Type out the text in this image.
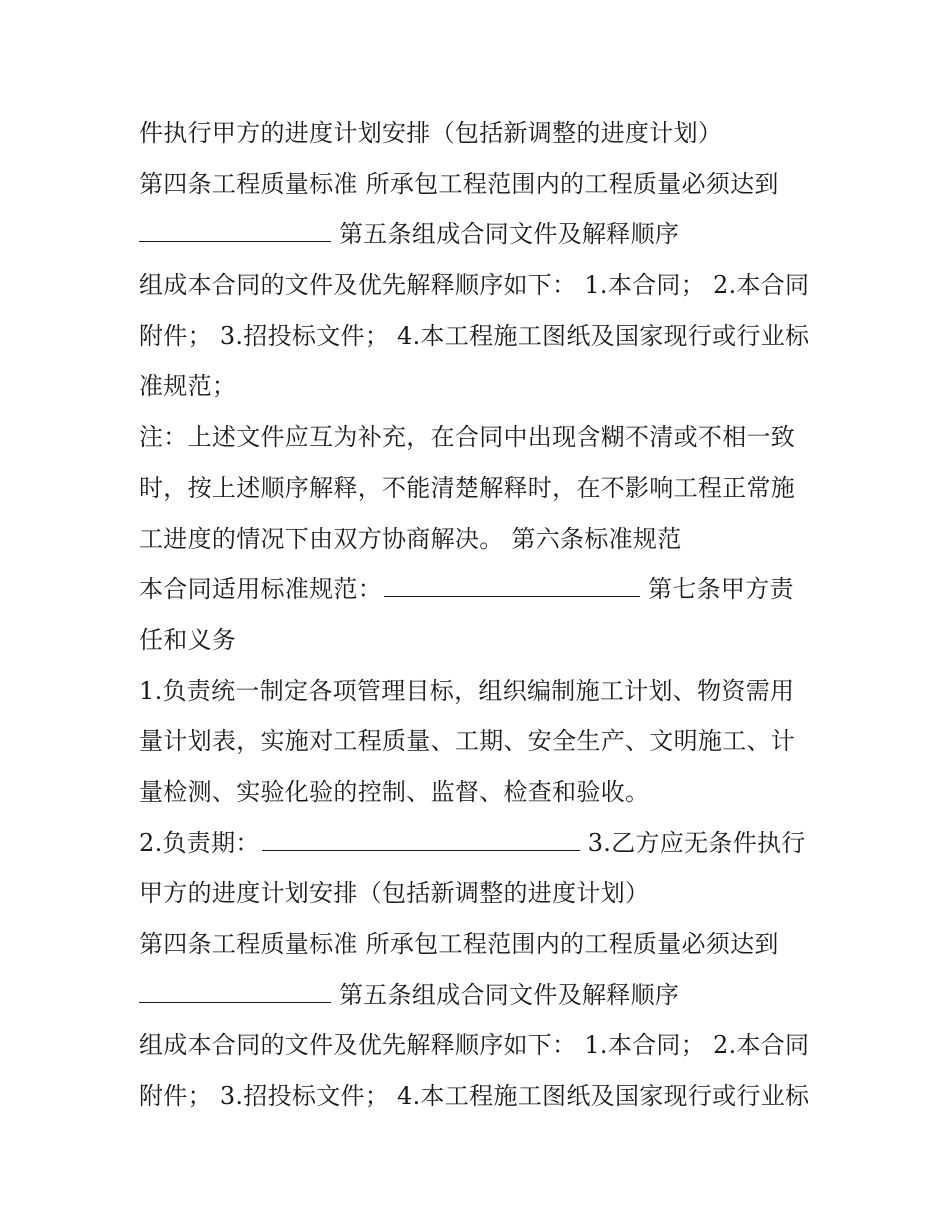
件执行甲方的进度计划安排（包括新调整的进度计划）
第四条工程质量标准 所承包工程范围内的工程质量必须达到
第五条组成合同文件及解释顺序
组成本合同的文件及优先解释顺序如下： 1.本合同； 2.本合同
附件； 3.招投标文件； 4.本工程施工图纸及国家现行或行业标
准规范；
注：上述文件应互为补充，在合同中出现含糊不清或不相一致
时，按上述顺序解释，不能清楚解释时，在不影响工程正常施
工进度的情况下由双方协商解决。 第六条标准规范
本合同适用标准规范：	第七条甲方责
任和义务
1.负责统一制定各项管理目标，组织编制施工计划、物资需用
量计划表，实施对工程质量、工期、安全生产、文明施工、计
量检测、实验化验的控制、监督、检查和验收。
2.负责期：	3.乙方应无条件执行
甲方的进度计划安排（包括新调整的进度计划）
第四条工程质量标准 所承包工程范围内的工程质量必须达到
第五条组成合同文件及解释顺序
组成本合同的文件及优先解释顺序如下： 1.本合同； 2.本合同
附件； 3.招投标文件； 4.本工程施工图纸及国家现行或行业标
